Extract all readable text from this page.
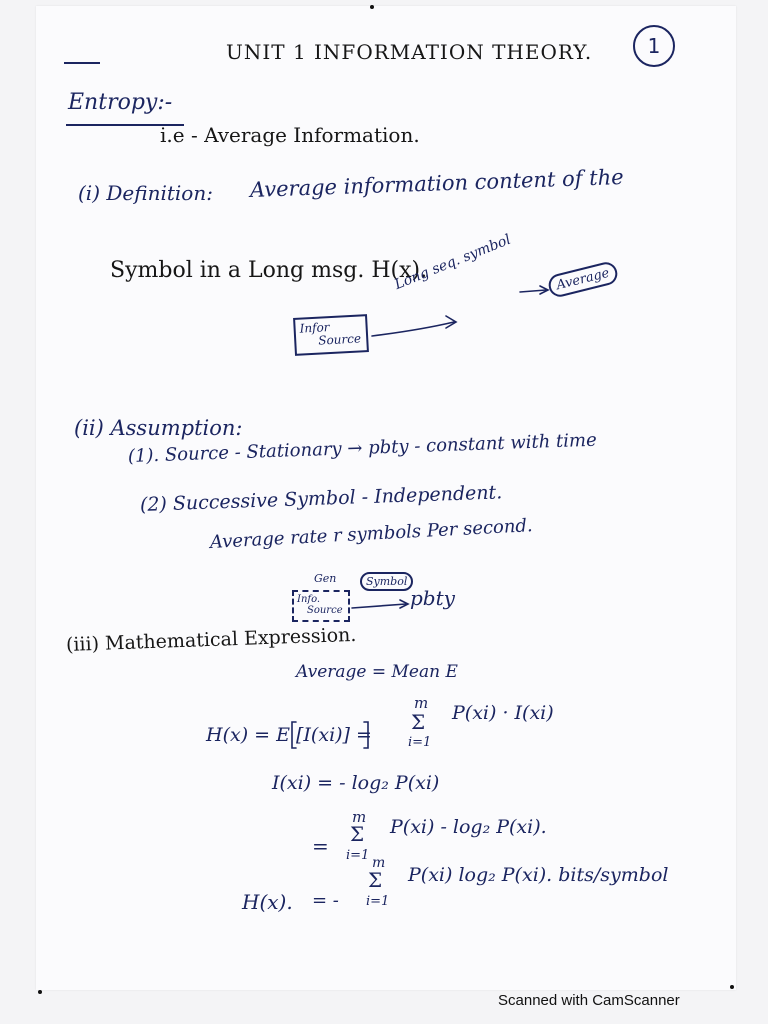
UNIT 1 INFORMATION THEORY.	1
Entropy:-
i.e - Average Information.
(i) Definition: Average information content of the
Symbol in a Long msg. H(x).
Infor
Source
Long seq. symbol	Average
(ii) Assumption:
(1). Source - Stationary → pbty - constant with time
(2) Successive Symbol - Independent.
Average rate r symbols Per second.
Gen
Info.
Source
Symbol
pbty
(iii) Mathematical Expression.
Average = Mean E
H(x) = E [I(xi)] =
m
Σ
i=1
P(xi) · I(xi)
I(xi) = - log₂ P(xi)
m
= Σ
i=1
P(xi) - log₂ P(xi).
H(x). = -
m
Σ
i=1
P(xi) log₂ P(xi). bits/symbol
Scanned with CamScanner
